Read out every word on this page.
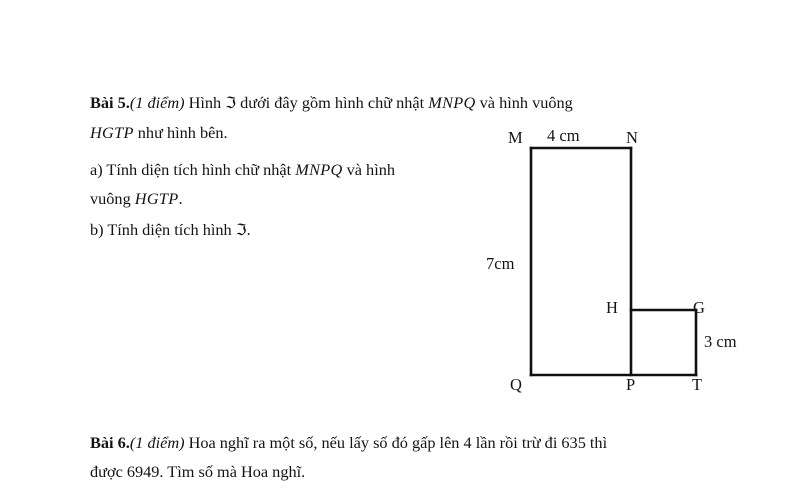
Bài 5.(1 điểm) Hình ℑ dưới đây gồm hình chữ nhật MNPQ và hình vuông
HGTP như hình bên.
a) Tính diện tích hình chữ nhật MNPQ và hình
vuông HGTP.
b) Tính diện tích hình ℑ.
M	N
Q	P
H	G
T
4 cm
7cm
3 cm
Bài 6.(1 điểm) Hoa nghĩ ra một số, nếu lấy số đó gấp lên 4 lần rồi trừ đi 635 thì
được 6949. Tìm số mà Hoa nghĩ.
